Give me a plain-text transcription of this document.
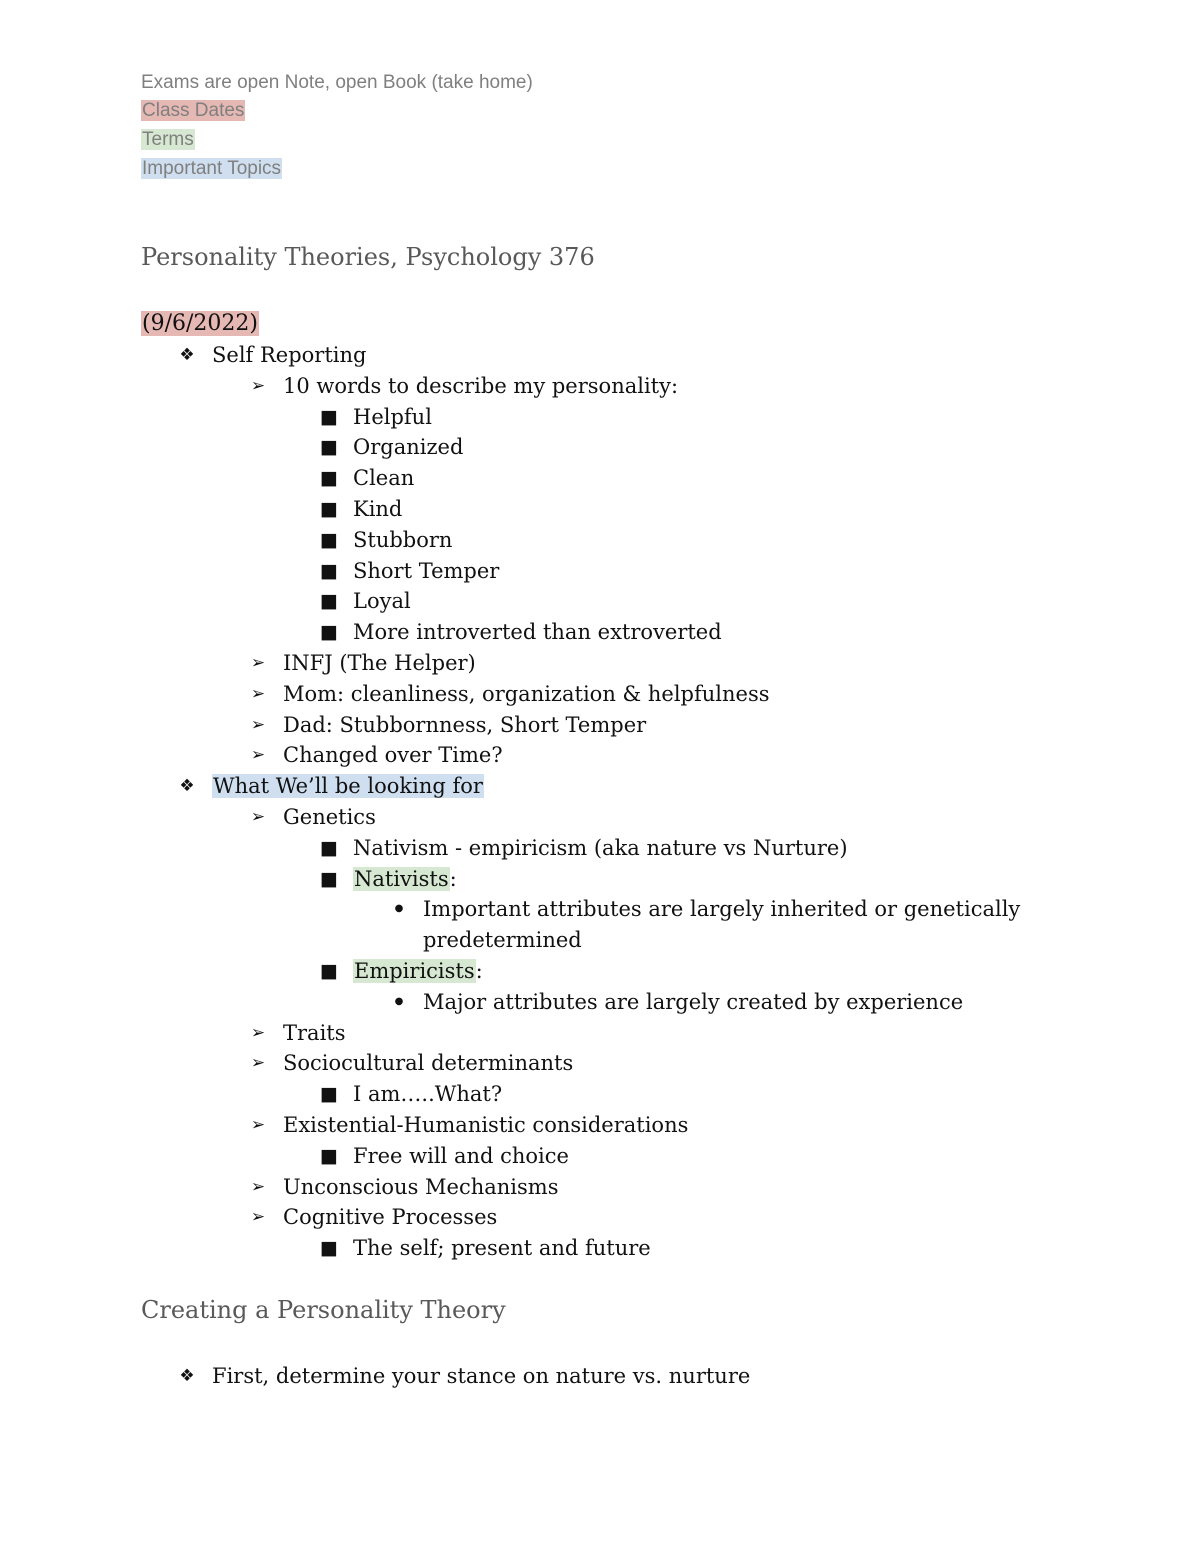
Exams are open Note, open Book (take home)
Class Dates
Terms
Important Topics
Personality Theories, Psychology 376
(9/6/2022)
❖ Self Reporting
➢ 10 words to describe my personality:
■ Helpful
■ Organized
■ Clean
■ Kind
■ Stubborn
■ Short Temper
■ Loyal
■ More introverted than extroverted
➢ INFJ (The Helper)
➢ Mom: cleanliness, organization & helpfulness
➢ Dad: Stubbornness, Short Temper
➢ Changed over Time?
❖ What We’ll be looking for
➢ Genetics
■ Nativism - empiricism (aka nature vs Nurture)
■ Nativists:
● Important attributes are largely inherited or genetically
predetermined
■ Empiricists:
● Major attributes are largely created by experience
➢ Traits
➢ Sociocultural determinants
■ I am…..What?
➢ Existential-Humanistic considerations
■ Free will and choice
➢ Unconscious Mechanisms
➢ Cognitive Processes
■ The self; present and future
Creating a Personality Theory
❖ First, determine your stance on nature vs. nurture
